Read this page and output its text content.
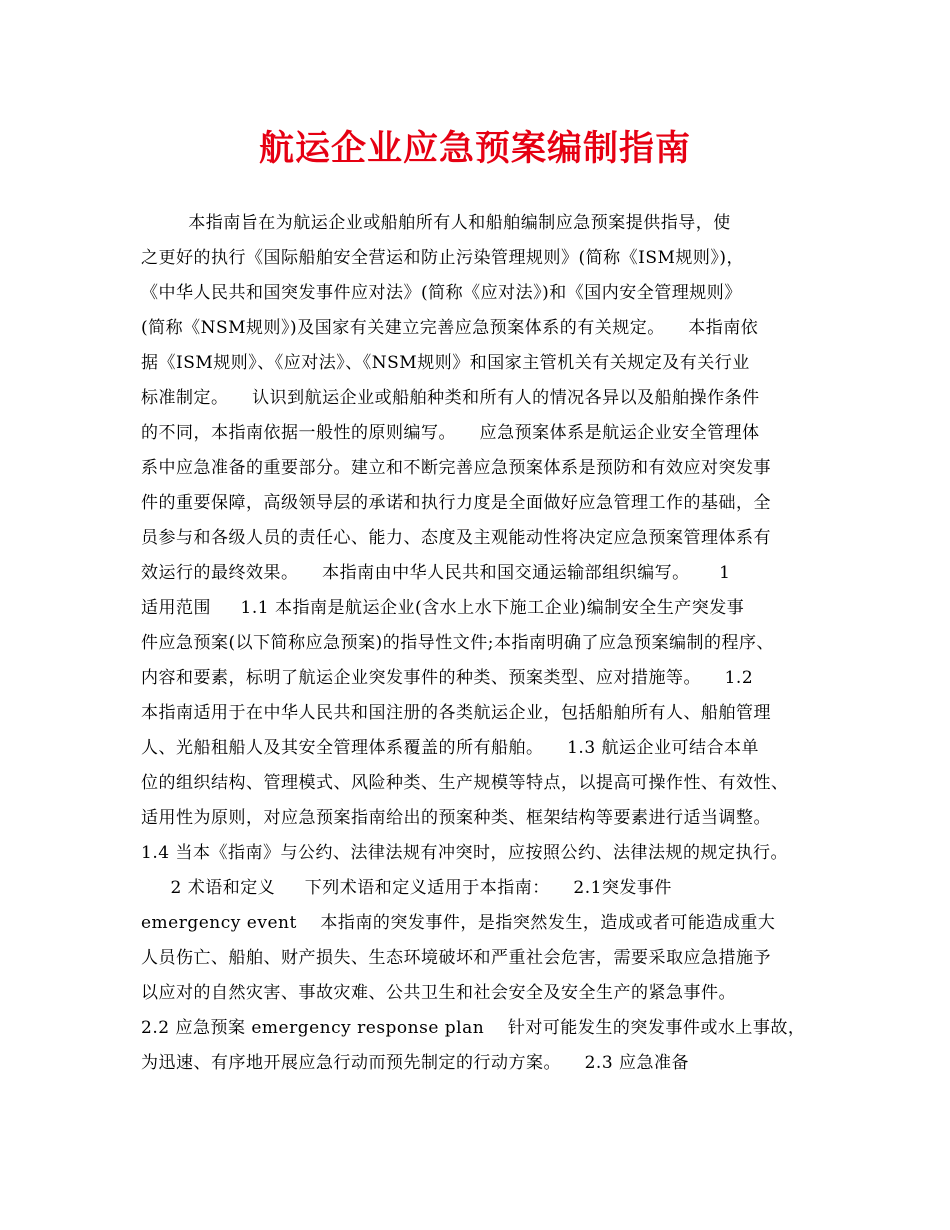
航运企业应急预案编制指南
本指南旨在为航运企业或船舶所有人和船舶编制应急预案提供指导，使
之更好的执行《国际船舶安全营运和防止污染管理规则》(简称《ISM规则》)，
《中华人民共和国突发事件应对法》(简称《应对法》)和《国内安全管理规则》
(简称《NSM规则》)及国家有关建立完善应急预案体系的有关规定。    本指南依
据《ISM规则》、《应对法》、《NSM规则》和国家主管机关有关规定及有关行业
标准制定。    认识到航运企业或船舶种类和所有人的情况各异以及船舶操作条件
的不同，本指南依据一般性的原则编写。    应急预案体系是航运企业安全管理体
系中应急准备的重要部分。建立和不断完善应急预案体系是预防和有效应对突发事
件的重要保障，高级领导层的承诺和执行力度是全面做好应急管理工作的基础，全
员参与和各级人员的责任心、能力、态度及主观能动性将决定应急预案管理体系有
效运行的最终效果。    本指南由中华人民共和国交通运输部组织编写。     1
适用范围     1.1 本指南是航运企业(含水上水下施工企业)编制安全生产突发事
件应急预案(以下简称应急预案)的指导性文件;本指南明确了应急预案编制的程序、
内容和要素，标明了航运企业突发事件的种类、预案类型、应对措施等。    1.2
本指南适用于在中华人民共和国注册的各类航运企业，包括船舶所有人、船舶管理
人、光船租船人及其安全管理体系覆盖的所有船舶。    1.3 航运企业可结合本单
位的组织结构、管理模式、风险种类、生产规模等特点，以提高可操作性、有效性、
适用性为原则，对应急预案指南给出的预案种类、框架结构等要素进行适当调整。
1.4 当本《指南》与公约、法律法规有冲突时，应按照公约、法律法规的规定执行。
2 术语和定义     下列术语和定义适用于本指南：    2.1突发事件
emergency event    本指南的突发事件，是指突然发生，造成或者可能造成重大
人员伤亡、船舶、财产损失、生态环境破坏和严重社会危害，需要采取应急措施予
以应对的自然灾害、事故灾难、公共卫生和社会安全及安全生产的紧急事件。
2.2 应急预案 emergency response plan    针对可能发生的突发事件或水上事故，
为迅速、有序地开展应急行动而预先制定的行动方案。    2.3 应急准备
